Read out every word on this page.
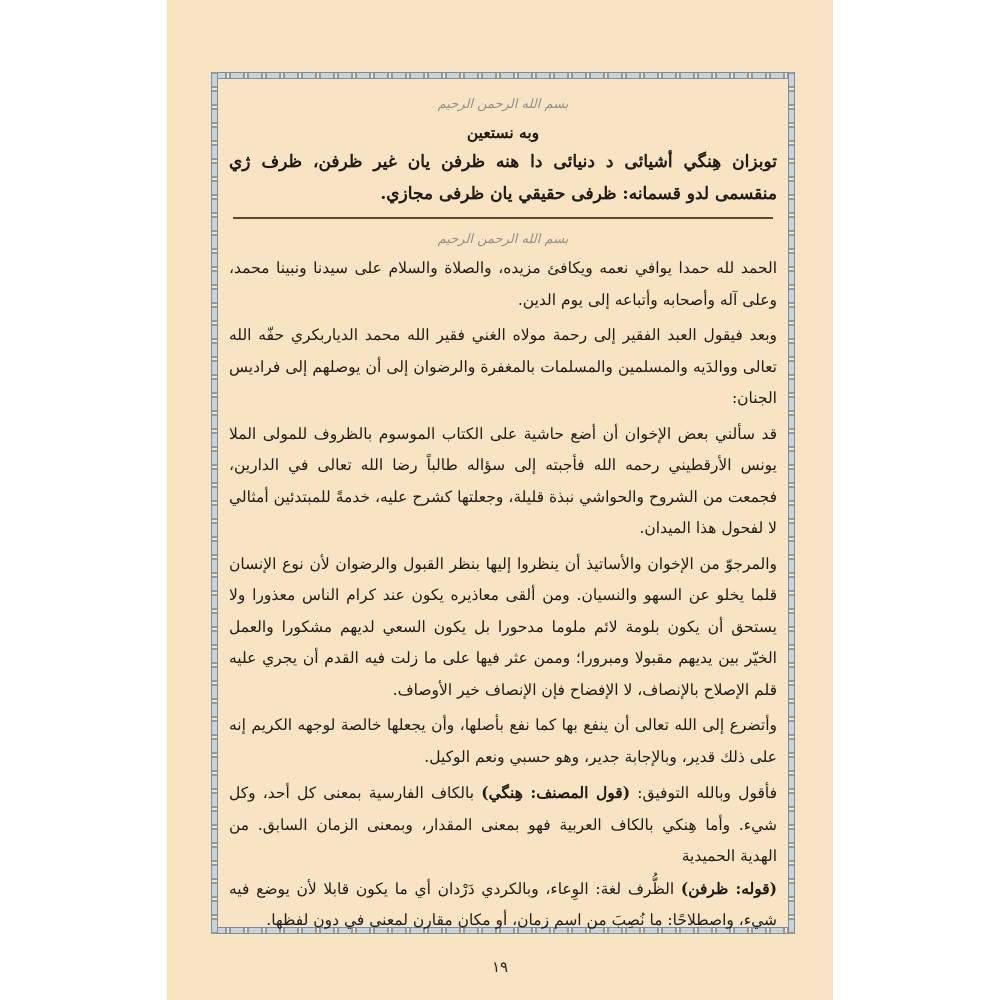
بسم الله الرحمن الرحيم
وبه نستعين

توبزان هِنگي أشيائى د دنيائى دا هنه ظرفن يان غير ظرفن، ظرف ژي منقسمى لدو قسمانه: ظرفى حقيقي يان ظرفى مجازي.

بسم الله الرحمن الرحيم

الحمد لله حمدا يوافي نعمه ويكافئ مزيده، والصلاة والسلام على سيدنا ونبينا محمد، وعلى آله وأصحابه وأتباعه إلى يوم الدين.

وبعد فيقول العبد الفقير إلى رحمة مولاه الغني فقير الله محمد الدياربكري حفّه الله تعالى ووالدَيه والمسلمين والمسلمات بالمغفرة والرضوان إلى أن يوصلهم إلى فراديس الجنان:

قد سألني بعض الإخوان أن أضع حاشية على الكتاب الموسوم بالظروف للمولى الملا يونس الأرقطيني رحمه الله فأجبته إلى سؤاله طالباً رضا الله تعالى في الدارين، فجمعت من الشروح والحواشي نبذة قليلة، وجعلتها كشرح عليه، خدمةً للمبتدئين أمثالي لا لفحول هذا الميدان.

والمرجوّ من الإخوان والأساتيذ أن ينظروا إليها بنظر القبول والرضوان لأن نوع الإنسان قلما يخلو عن السهو والنسيان. ومن ألقى معاذيره يكون عند كرام الناس معذورا ولا يستحق أن يكون بلومة لائم ملوما مدحورا بل يكون السعي لديهم مشكورا والعمل الخيّر بين يديهم مقبولا ومبرورا؛ وممن عثر فيها على ما زلت فيه القدم أن يجري عليه قلم الإصلاح بالإنصاف، لا الإفضاح فإن الإنصاف خير الأوصاف.

وأتضرع إلى الله تعالى أن ينفع بها كما نفع بأصلها، وأن يجعلها خالصة لوجهه الكريم إنه على ذلك قدير، وبالإجابة جدير، وهو حسبي ونعم الوكيل.

فأقول وبالله التوفيق: (قول المصنف: هِنگي) بالكاف الفارسية بمعنى كل أحد، وكل شيء. وأما هِنكي بالكاف العربية فهو بمعنى المقدار، وبمعنى الزمان السابق. من الهدية الحميدية
(قوله: ظرفن) الظُّرف لغة: الوِعاء، وبالكردي دَرْدان أي ما يكون قابلا لأن يوضع فيه شيء، واصطلاحًا: ما نُصِبَ من اسم زمان، أو مكان مقارن لمعنى في دون لفظها.

١٩
